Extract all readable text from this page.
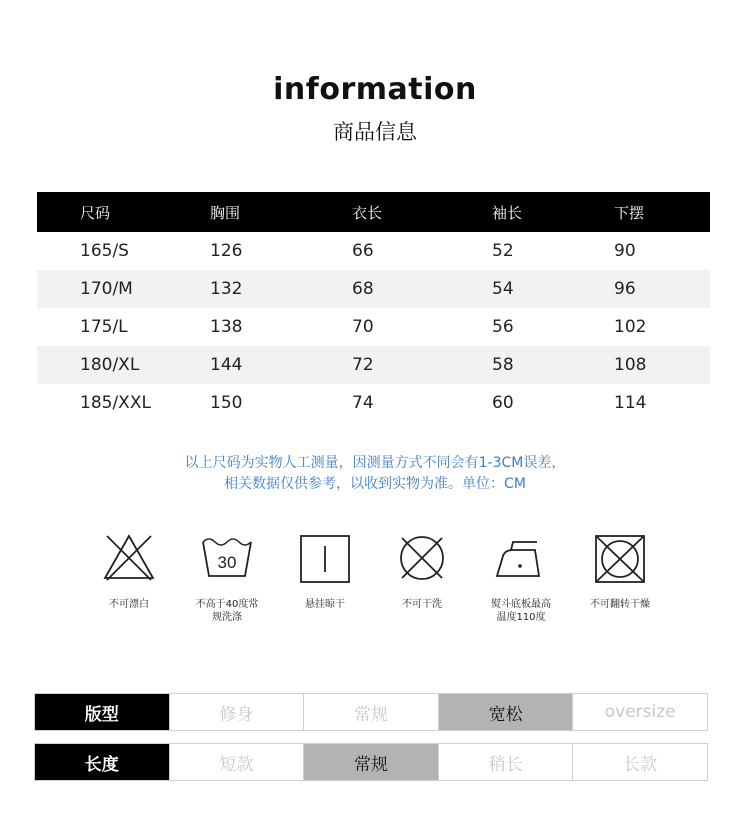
information
商品信息
尺码	胸围	衣长	袖长	下摆
165/S	126	66	52	90
170/M	132	68	54	96
175/L	138	70	56	102
180/XL	144	72	58	108
185/XXL	150	74	60	114
以上尺码为实物人工测量，因测量方式不同会有1-3CM误差，
相关数据仅供参考，以收到实物为准。单位：CM
不可漂白
30
不高于40度常规洗涤
悬挂晾干	不可干洗	熨斗底板最高温度110度
不可翻转干燥
版型	修身	常规	宽松	oversize
长度	短款	常规	稍长	长款
